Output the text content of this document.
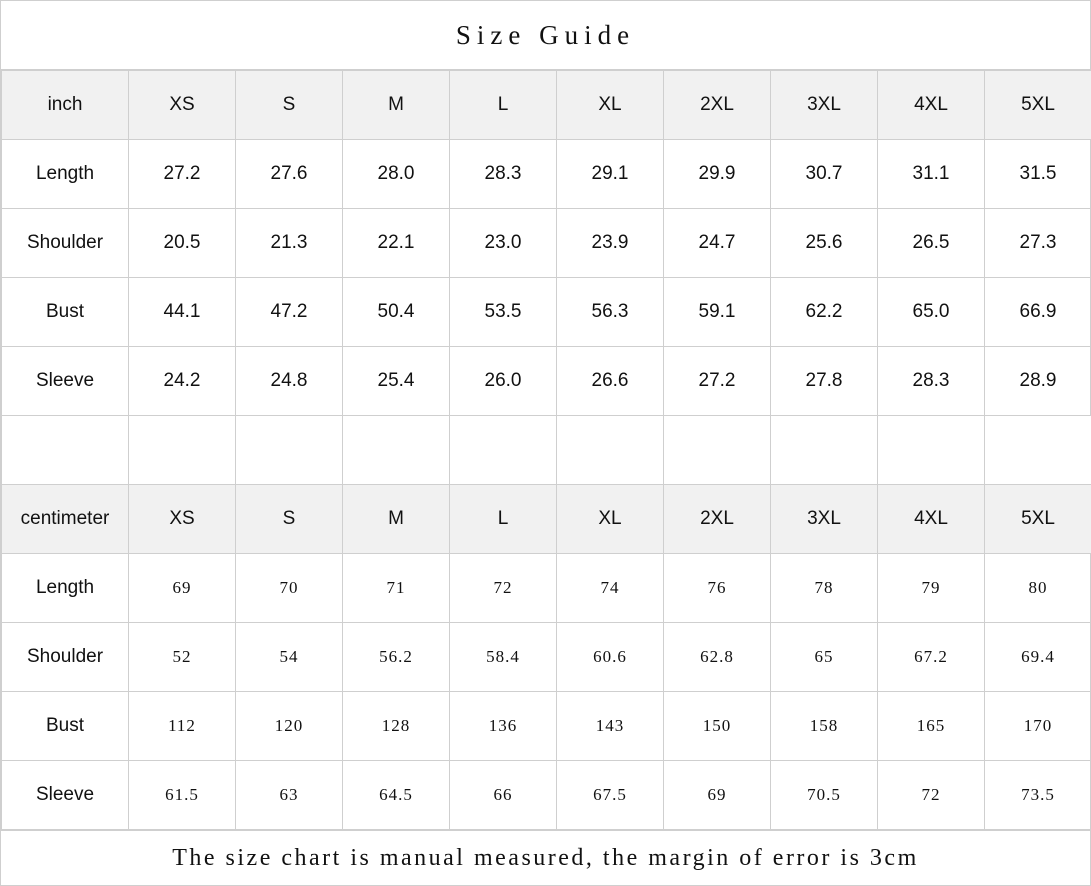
Size Guide
inch	XS	S	M	L	XL	2XL	3XL	4XL	5XL
Length	27.2	27.6	28.0	28.3	29.1	29.9	30.7	31.1	31.5
Shoulder	20.5	21.3	22.1	23.0	23.9	24.7	25.6	26.5	27.3
Bust	44.1	47.2	50.4	53.5	56.3	59.1	62.2	65.0	66.9
Sleeve	24.2	24.8	25.4	26.0	26.6	27.2	27.8	28.3	28.9

centimeter	XS	S	M	L	XL	2XL	3XL	4XL	5XL
Length	69	70	71	72	74	76	78	79	80
Shoulder	52	54	56.2	58.4	60.6	62.8	65	67.2	69.4
Bust	112	120	128	136	143	150	158	165	170
Sleeve	61.5	63	64.5	66	67.5	69	70.5	72	73.5
The size chart is manual measured, the margin of error is 3cm
